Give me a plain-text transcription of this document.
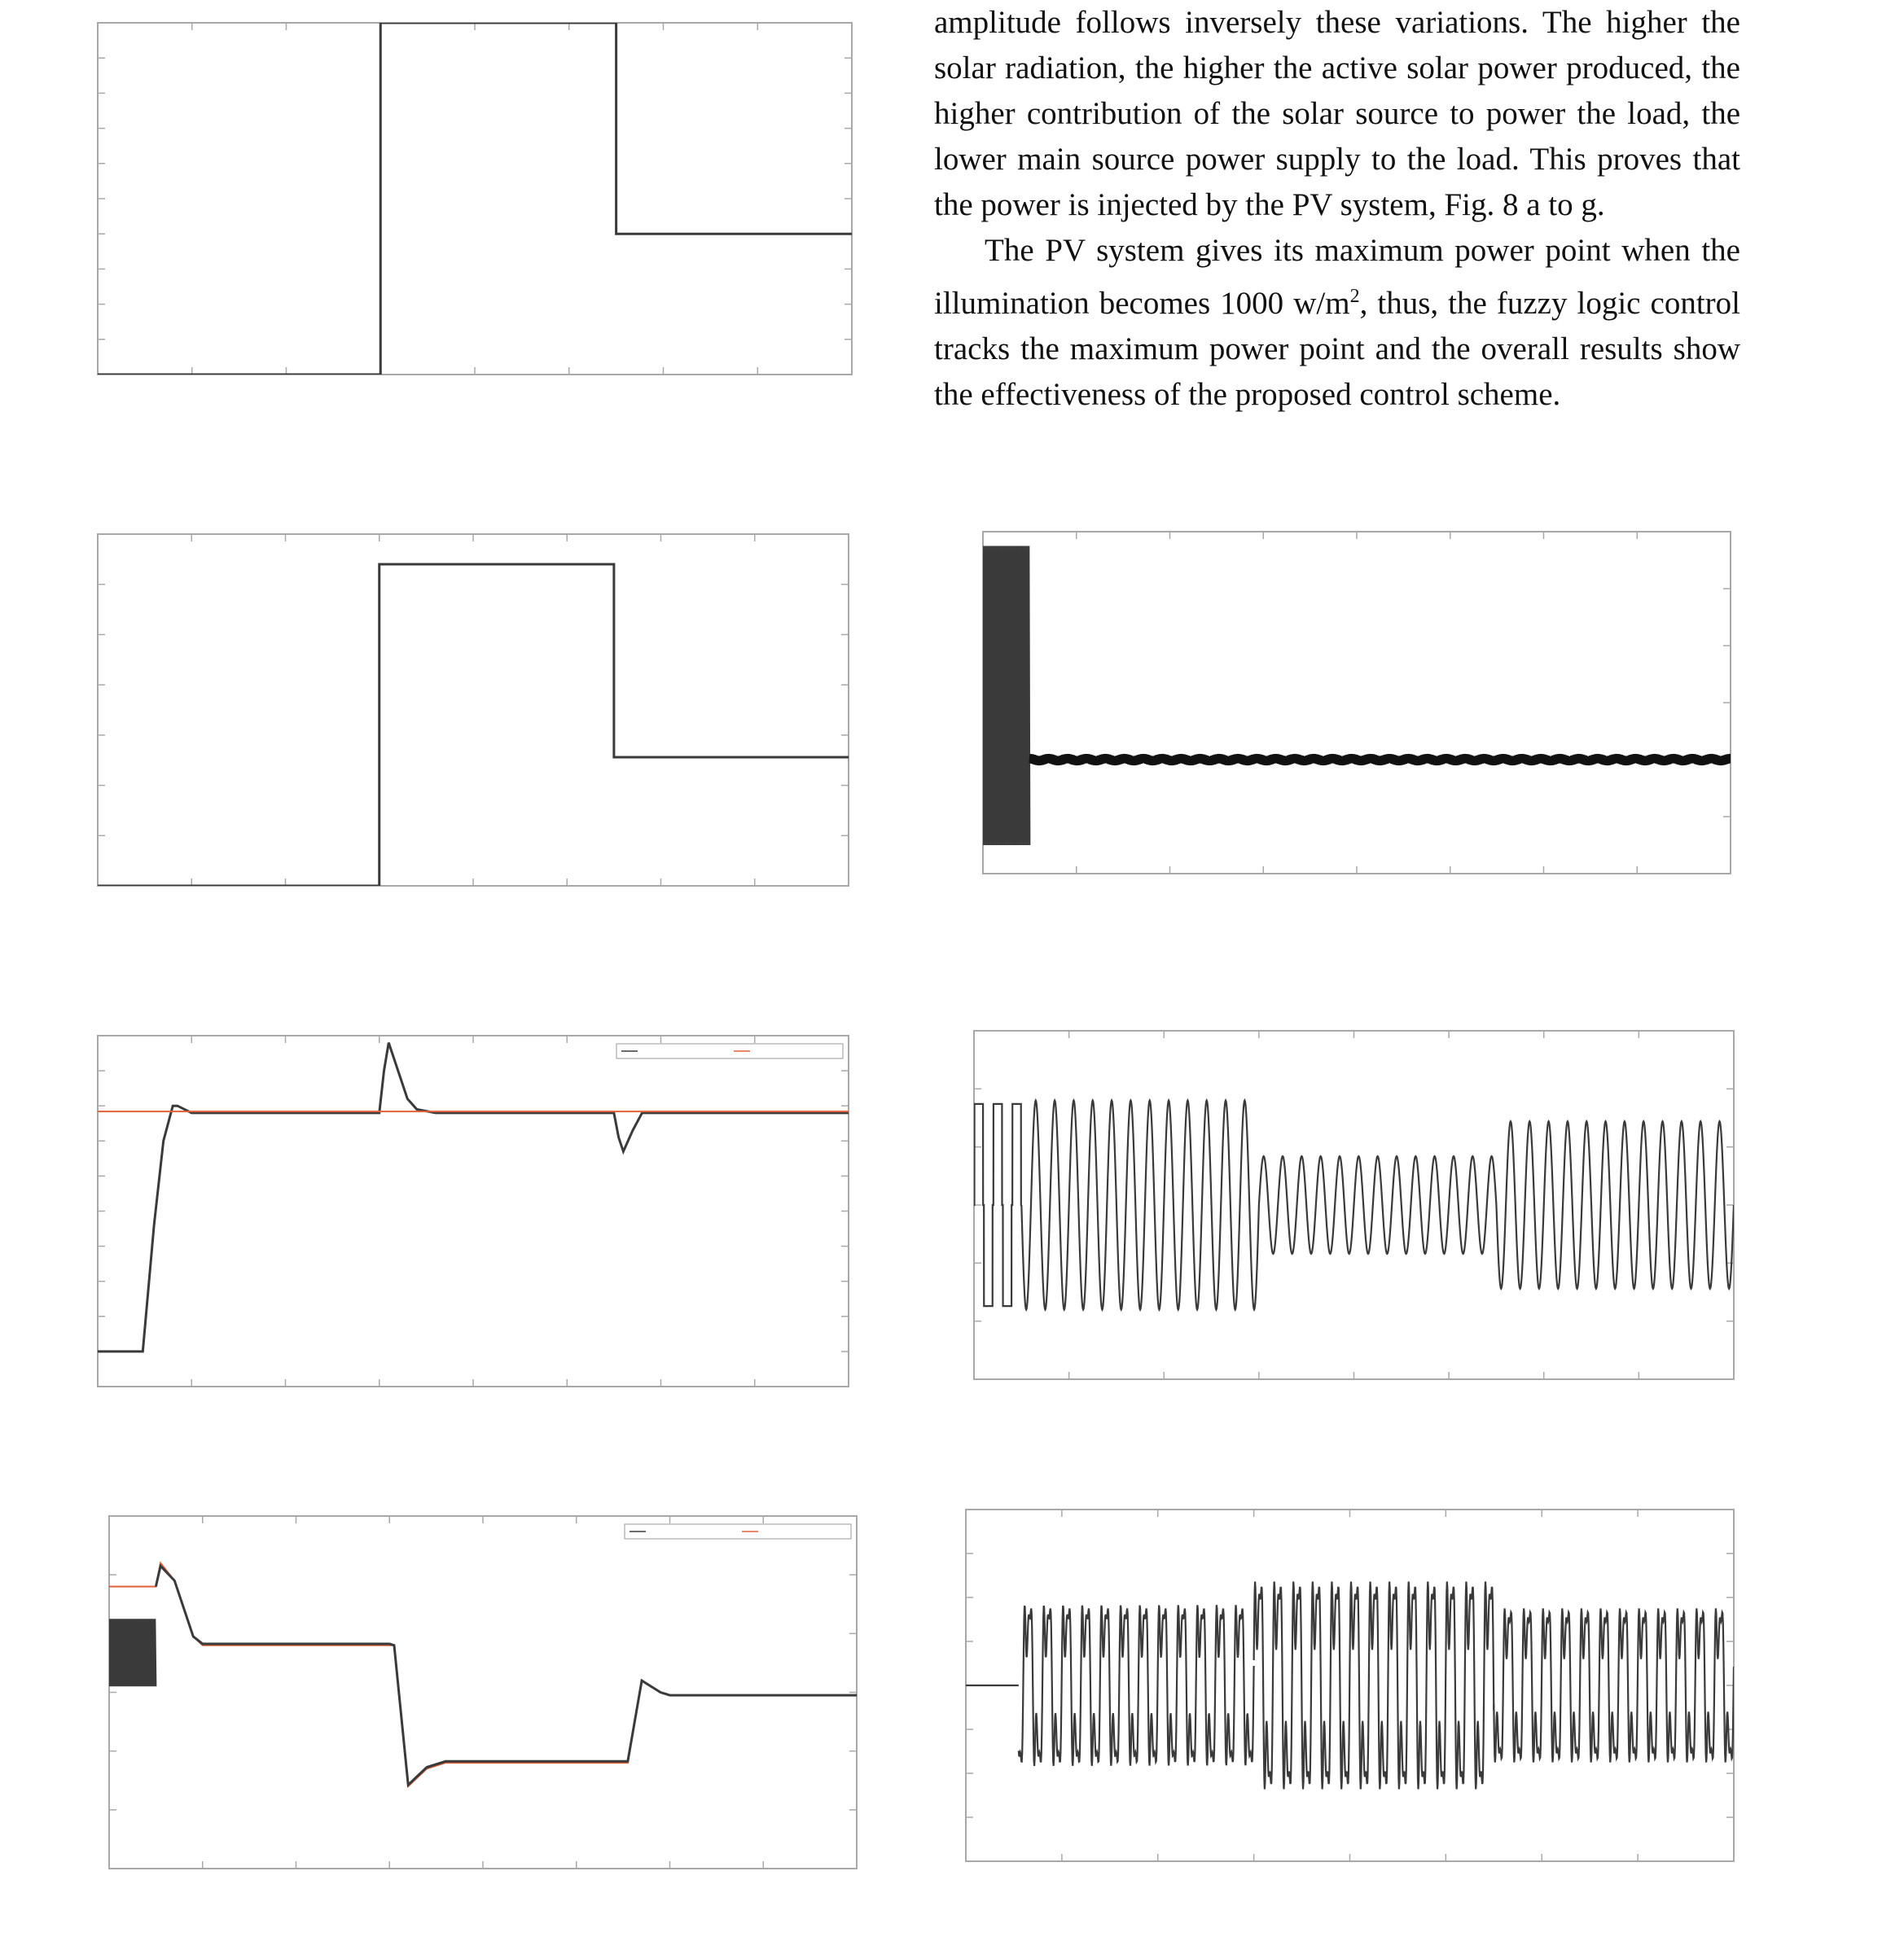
amplitude follows inversely these variations. The higher the solar radiation, the higher the active solar power produced, the higher contribution of the solar source to power the load, the lower main source power supply to the load. This proves that the power is injected by the PV system, Fig. 8 a to g.

The PV system gives its maximum power point when the illumination becomes 1000 $w/m^2$, thus, the fuzzy logic control tracks the maximum power point and the overall results show the effectiveness of the proposed control scheme.
